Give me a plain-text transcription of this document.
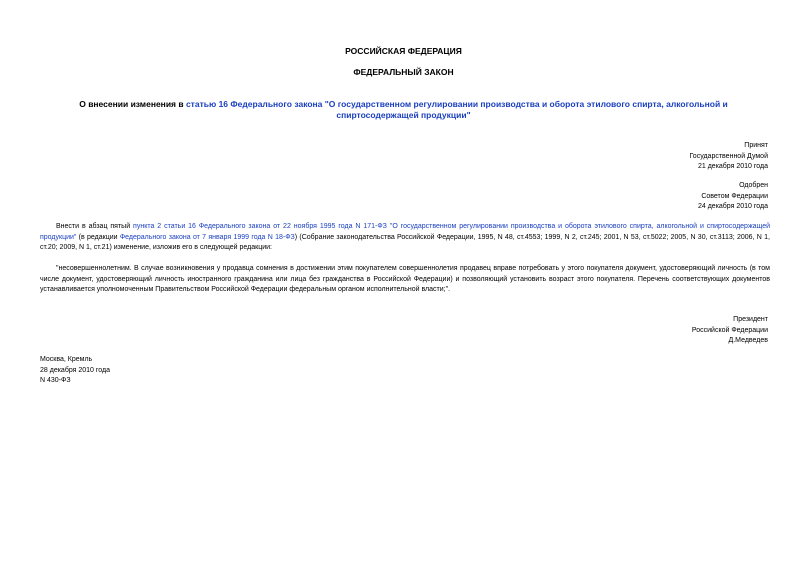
РОССИЙСКАЯ ФЕДЕРАЦИЯ
ФЕДЕРАЛЬНЫЙ ЗАКОН
О внесении изменения в статью 16 Федерального закона "О государственном регулировании производства и оборота этилового спирта, алкогольной и спиртосодержащей продукции"
Принят
Государственной Думой
21 декабря 2010 года
Одобрен
Советом Федерации
24 декабря 2010 года
Внести в абзац пятый пункта 2 статьи 16 Федерального закона от 22 ноября 1995 года N 171-ФЗ "О государственном регулировании производства и оборота этилового спирта, алкогольной и спиртосодержащей продукции" (в редакции Федерального закона от 7 января 1999 года N 18-ФЗ) (Собрание законодательства Российской Федерации, 1995, N 48, ст.4553; 1999, N 2, ст.245; 2001, N 53, ст.5022; 2005, N 30, ст.3113; 2006, N 1, ст.20; 2009, N 1, ст.21) изменение, изложив его в следующей редакции:
"несовершеннолетним. В случае возникновения у продавца сомнения в достижении этим покупателем совершеннолетия продавец вправе потребовать у этого покупателя документ, удостоверяющий личность (в том числе документ, удостоверяющий личность иностранного гражданина или лица без гражданства в Российской Федерации) и позволяющий установить возраст этого покупателя. Перечень соответствующих документов устанавливается уполномоченным Правительством Российской Федерации федеральным органом исполнительной власти;".
Президент
Российской Федерации
Д.Медведев
Москва, Кремль
28 декабря 2010 года
N 430-ФЗ
